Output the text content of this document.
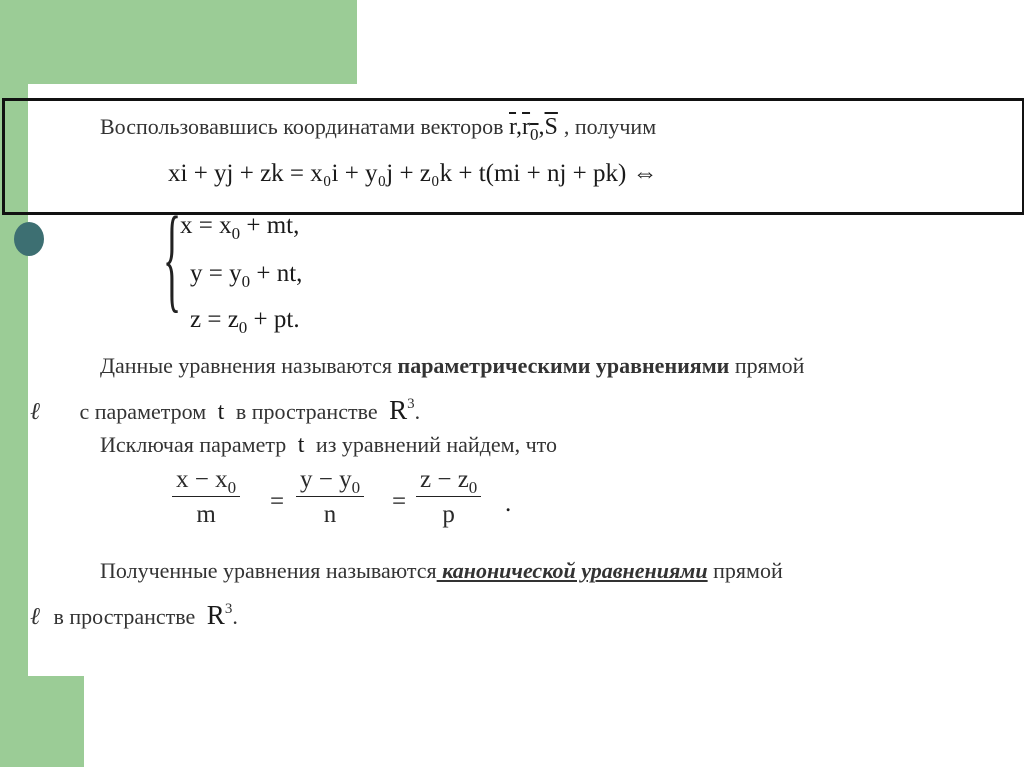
Воспользовавшись координатами векторов $\overline{r},r_0,\overline{S}$ , получим
xi + yj + zk = x₀i + y₀j + z₀k + t(mi + nj + pk) ⇔
{
$x = x_0$ + mt,
$y = y_0$ + nt,
$z = z_0$ + pt.
Данные уравнения называются параметрическими уравнениями прямой
ℓ с параметром t в пространстве $R^3$.
Исключая параметр t из уравнений найдем, что
$\frac{x - x_0}{m} = \frac{y - y_0}{n} = \frac{z - z_0}{p}$ .
Полученные уравнения называются канонической уравнениями прямой
ℓ в пространстве $R^3$.
